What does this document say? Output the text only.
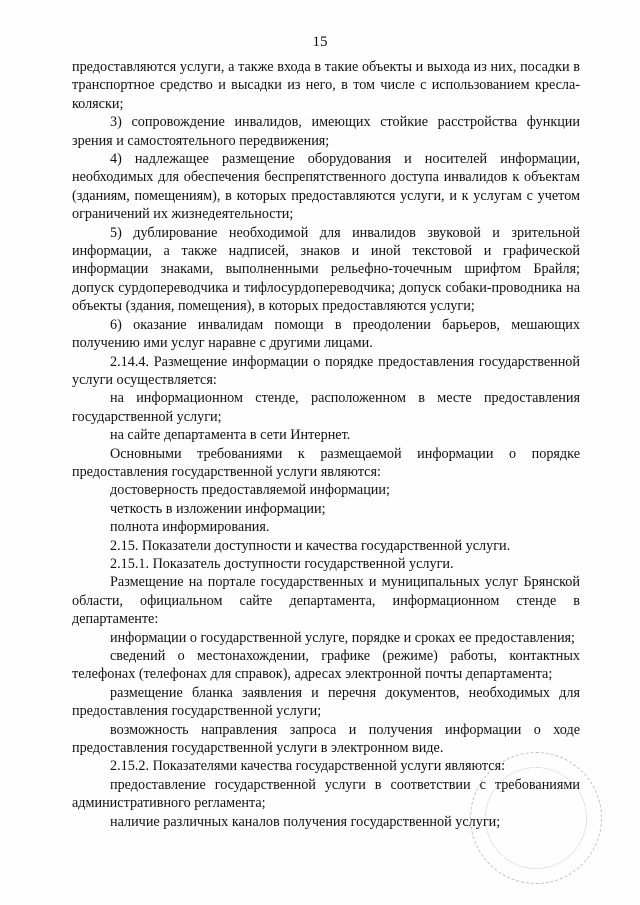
15

предоставляются услуги, а также входа в такие объекты и выхода из них, посадки в транспортное средство и высадки из него, в том числе с использованием кресла-коляски;

3) сопровождение инвалидов, имеющих стойкие расстройства функции зрения и самостоятельного передвижения;

4) надлежащее размещение оборудования и носителей информации, необходимых для обеспечения беспрепятственного доступа инвалидов к объектам (зданиям, помещениям), в которых предоставляются услуги, и к услугам с учетом ограничений их жизнедеятельности;

5) дублирование необходимой для инвалидов звуковой и зрительной информации, а также надписей, знаков и иной текстовой и графической информации знаками, выполненными рельефно-точечным шрифтом Брайля; допуск сурдопереводчика и тифлосурдопереводчика; допуск собаки-проводника на объекты (здания, помещения), в которых предоставляются услуги;

6) оказание инвалидам помощи в преодолении барьеров, мешающих получению ими услуг наравне с другими лицами.

2.14.4. Размещение информации о порядке предоставления государственной услуги осуществляется:

на информационном стенде, расположенном в месте предоставления государственной услуги;

на сайте департамента в сети Интернет.

Основными требованиями к размещаемой информации о порядке предоставления государственной услуги являются:

достоверность предоставляемой информации;

четкость в изложении информации;

полнота информирования.

2.15. Показатели доступности и качества государственной услуги.

2.15.1. Показатель доступности государственной услуги.

Размещение на портале государственных и муниципальных услуг Брянской области, официальном сайте департамента, информационном стенде в департаменте:

информации о государственной услуге, порядке и сроках ее предоставления;

сведений о местонахождении, графике (режиме) работы, контактных телефонах (телефонах для справок), адресах электронной почты департамента;

размещение бланка заявления и перечня документов, необходимых для предоставления государственной услуги;

возможность направления запроса и получения информации о ходе предоставления государственной услуги в электронном виде.

2.15.2. Показателями качества государственной услуги являются:

предоставление государственной услуги в соответствии с требованиями административного регламента;

наличие различных каналов получения государственной услуги;
